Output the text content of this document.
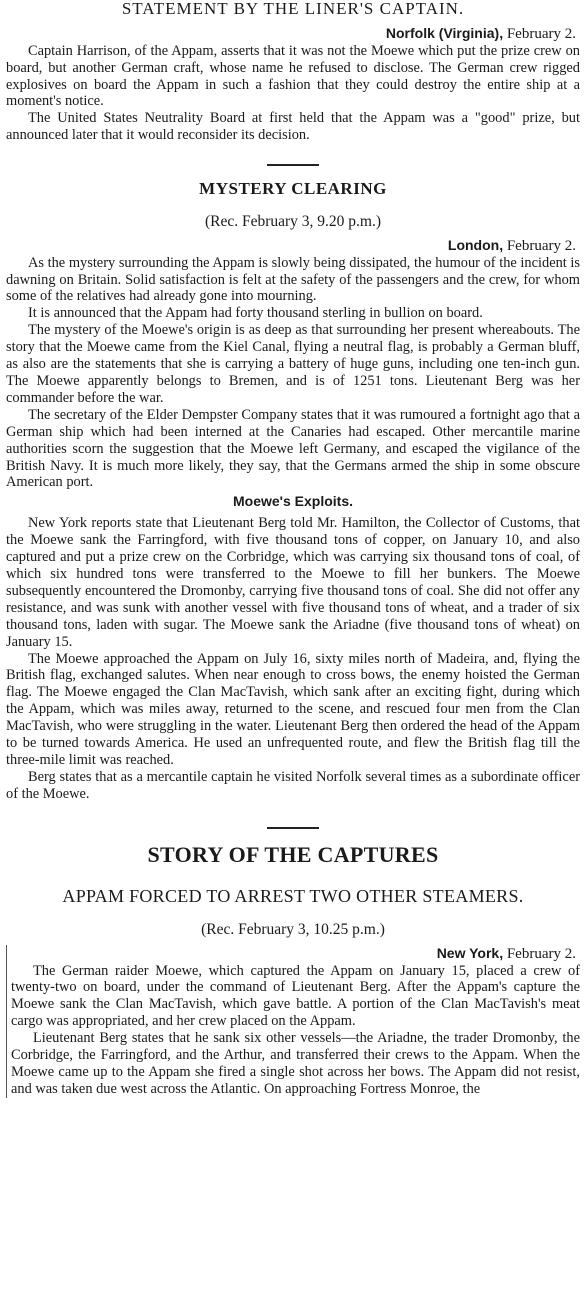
STATEMENT BY THE LINER'S CAPTAIN.
Norfolk (Virginia), February 2.

Captain Harrison, of the Appam, asserts that it was not the Moewe which put the prize crew on board, but another German craft, whose name he refused to disclose. The German crew rigged explosives on board the Appam in such a fashion that they could destroy the entire ship at a moment's notice.

The United States Neutrality Board at first held that the Appam was a "good" prize, but announced later that it would reconsider its decision.

MYSTERY CLEARING
(Rec. February 3, 9.20 p.m.)
London, February 2.

As the mystery surrounding the Appam is slowly being dissipated, the humour of the incident is dawning on Britain. Solid satisfaction is felt at the safety of the passengers and the crew, for whom some of the relatives had already gone into mourning.

It is announced that the Appam had forty thousand sterling in bullion on board.

The mystery of the Moewe's origin is as deep as that surrounding her present whereabouts. The story that the Moewe came from the Kiel Canal, flying a neutral flag, is probably a German bluff, as also are the statements that she is carrying a battery of huge guns, including one ten-inch gun. The Moewe apparently belongs to Bremen, and is of 1251 tons. Lieutenant Berg was her commander before the war.

The secretary of the Elder Dempster Company states that it was rumoured a fortnight ago that a German ship which had been interned at the Canaries had escaped. Other mercantile marine authorities scorn the suggestion that the Moewe left Germany, and escaped the vigilance of the British Navy. It is much more likely, they say, that the Germans armed the ship in some obscure American port.

Moewe's Exploits.

New York reports state that Lieutenant Berg told Mr. Hamilton, the Collector of Customs, that the Moewe sank the Farringford, with five thousand tons of copper, on January 10, and also captured and put a prize crew on the Corbridge, which was carrying six thousand tons of coal, of which six hundred tons were transferred to the Moewe to fill her bunkers. The Moewe subsequently encountered the Dromonby, carrying five thousand tons of coal. She did not offer any resistance, and was sunk with another vessel with five thousand tons of wheat, and a trader of six thousand tons, laden with sugar. The Moewe sank the Ariadne (five thousand tons of wheat) on January 15.

The Moewe approached the Appam on July 16, sixty miles north of Madeira, and, flying the British flag, exchanged salutes. When near enough to cross bows, the enemy hoisted the German flag. The Moewe engaged the Clan MacTavish, which sank after an exciting fight, during which the Appam, which was miles away, returned to the scene, and rescued four men from the Clan MacTavish, who were struggling in the water. Lieutenant Berg then ordered the head of the Appam to be turned towards America. He used an unfrequented route, and flew the British flag till the three-mile limit was reached.

Berg states that as a mercantile captain he visited Norfolk several times as a subordinate officer of the Moewe.

STORY OF THE CAPTURES
APPAM FORCED TO ARREST TWO OTHER STEAMERS.
(Rec. February 3, 10.25 p.m.)
New York, February 2.

The German raider Moewe, which captured the Appam on January 15, placed a crew of twenty-two on board, under the command of Lieutenant Berg. After the Appam's capture the Moewe sank the Clan MacTavish, which gave battle. A portion of the Clan MacTavish's meat cargo was appropriated, and her crew placed on the Appam.

Lieutenant Berg states that he sank six other vessels—the Ariadne, the trader Dromonby, the Corbridge, the Farringford, and the Arthur, and transferred their crews to the Appam. When the Moewe came up to the Appam she fired a single shot across her bows. The Appam did not resist, and was taken due west across the Atlantic. On approaching Fortress Monroe, the
